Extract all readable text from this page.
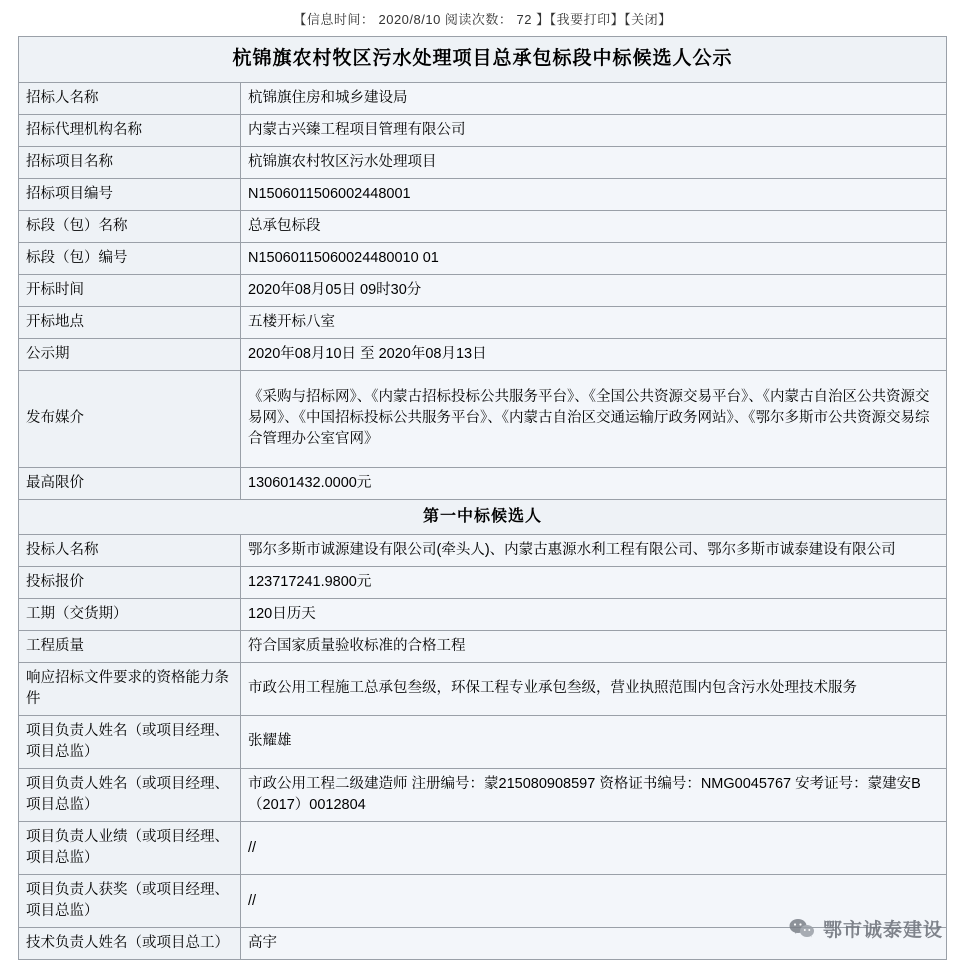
【信息时间： 2020/8/10 阅读次数： 72 】【我要打印】【关闭】
杭锦旗农村牧区污水处理项目总承包标段中标候选人公示	
招标人名称	杭锦旗住房和城乡建设局
招标代理机构名称	内蒙古兴臻工程项目管理有限公司
招标项目名称	杭锦旗农村牧区污水处理项目
招标项目编号	N1506011506002448001
标段（包）名称	总承包标段
标段（包）编号	N15060115060024480010 01
开标时间	2020年08月05日 09时30分
开标地点	五楼开标八室
公示期	2020年08月10日 至 2020年08月13日
发布媒介	《采购与招标网》、《内蒙古招标投标公共服务平台》、《全国公共资源交易平台》、《内蒙古自治区公共资源交易网》、《中国招标投标公共服务平台》、《内蒙古自治区交通运输厅政务网站》、《鄂尔多斯市公共资源交易综合管理办公室官网》
最高限价	130601432.0000元
第一中标候选人	
投标人名称	鄂尔多斯市诚源建设有限公司(牵头人)、内蒙古惠源水利工程有限公司、鄂尔多斯市诚泰建设有限公司
投标报价	123717241.9800元
工期（交货期）	120日历天
工程质量	符合国家质量验收标准的合格工程
响应招标文件要求的资格能力条件	市政公用工程施工总承包叁级，环保工程专业承包叁级，营业执照范围内包含污水处理技术服务
项目负责人姓名（或项目经理、项目总监）	张耀雄
项目负责人姓名（或项目经理、项目总监）	市政公用工程二级建造师 注册编号：蒙215080908597 资格证书编号：NMG0045767 安考证号：蒙建安B（2017）0012804
项目负责人业绩（或项目经理、项目总监）	//
项目负责人获奖（或项目经理、项目总监）	//
技术负责人姓名（或项目总工）	高宇
鄂市诚泰建设
